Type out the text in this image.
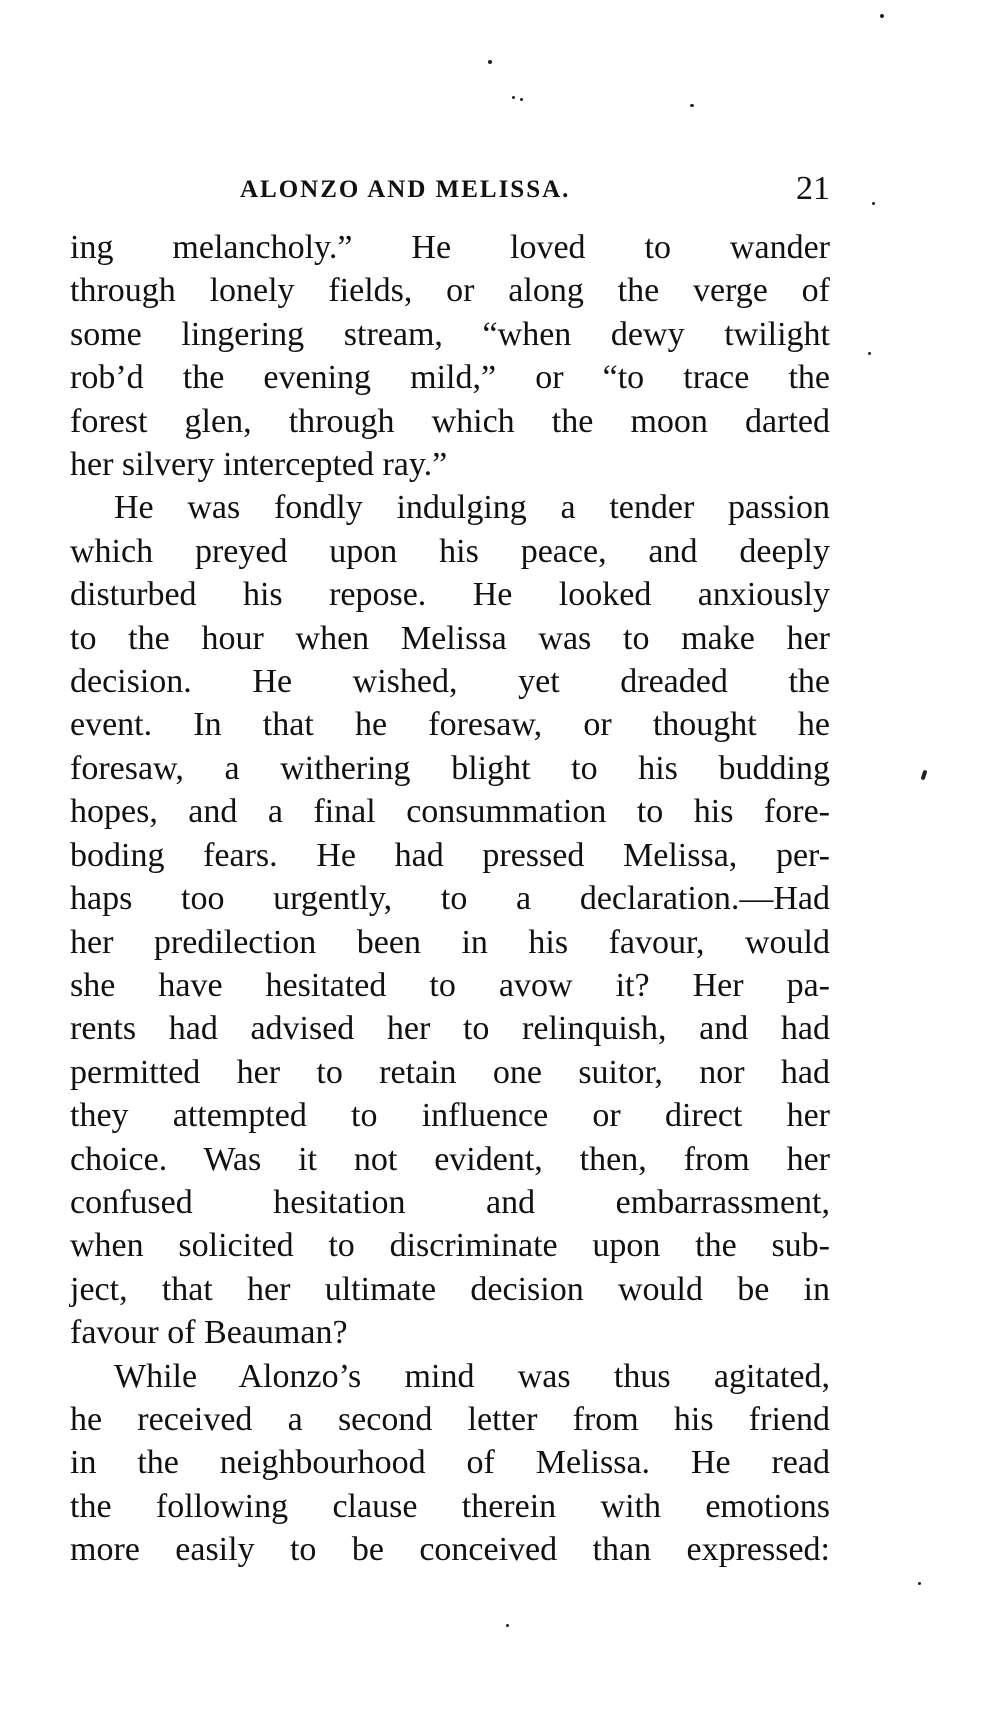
ALONZO AND MELISSA.	21
ing melancholy.” He loved to wander
through lonely fields, or along the verge of
some lingering stream, “when dewy twilight
rob’d the evening mild,” or “to trace the
forest glen, through which the moon darted
her silvery intercepted ray.”
He was fondly indulging a tender passion
which preyed upon his peace, and deeply
disturbed his repose. He looked anxiously
to the hour when Melissa was to make her
decision. He wished, yet dreaded the
event. In that he foresaw, or thought he
foresaw, a withering blight to his budding
hopes, and a final consummation to his fore-
boding fears. He had pressed Melissa, per-
haps too urgently, to a declaration.—Had
her predilection been in his favour, would
she have hesitated to avow it? Her pa-
rents had advised her to relinquish, and had
permitted her to retain one suitor, nor had
they attempted to influence or direct her
choice. Was it not evident, then, from her
confused hesitation and embarrassment,
when solicited to discriminate upon the sub-
ject, that her ultimate decision would be in
favour of Beauman?
While Alonzo’s mind was thus agitated,
he received a second letter from his friend
in the neighbourhood of Melissa. He read
the following clause therein with emotions
more easily to be conceived than expressed:
